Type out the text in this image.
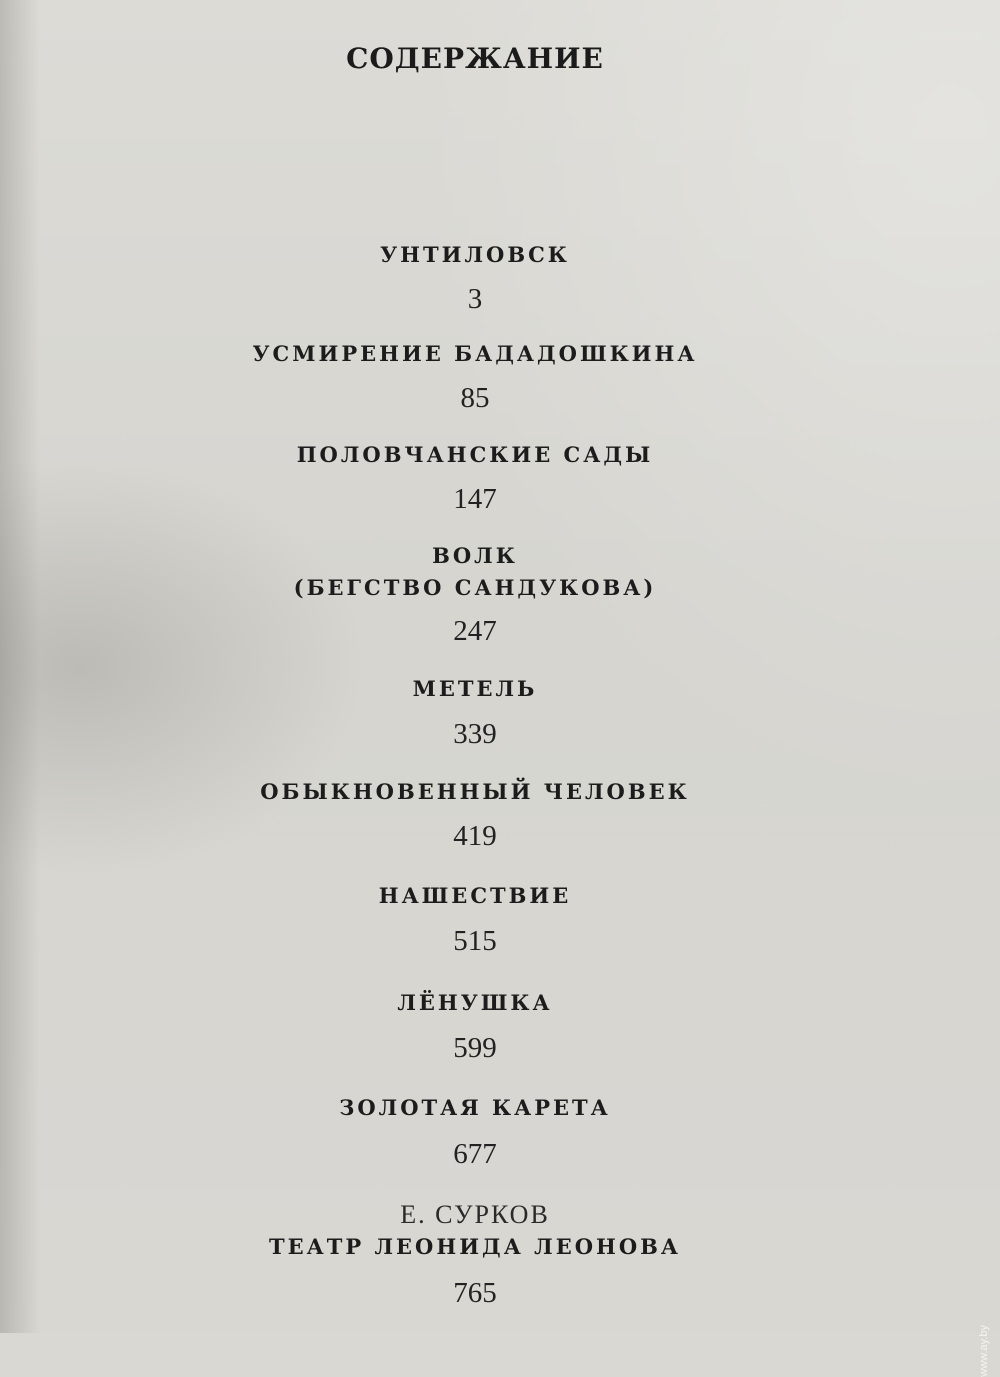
СОДЕРЖАНИЕ

УНТИЛОВСК

3

УСМИРЕНИЕ БАДАДОШКИНА

85

ПОЛОВЧАНСКИЕ САДЫ

147

ВОЛК

(БЕГСТВО САНДУКОВА)

247

МЕТЕЛЬ

339

ОБЫКНОВЕННЫЙ ЧЕЛОВЕК

419

НАШЕСТВИЕ

515

ЛЁНУШКА

599

ЗОЛОТАЯ КАРЕТА

677

Е. СУРКОВ

ТЕАТР ЛЕОНИДА ЛЕОНОВА

765

www.ay.by
